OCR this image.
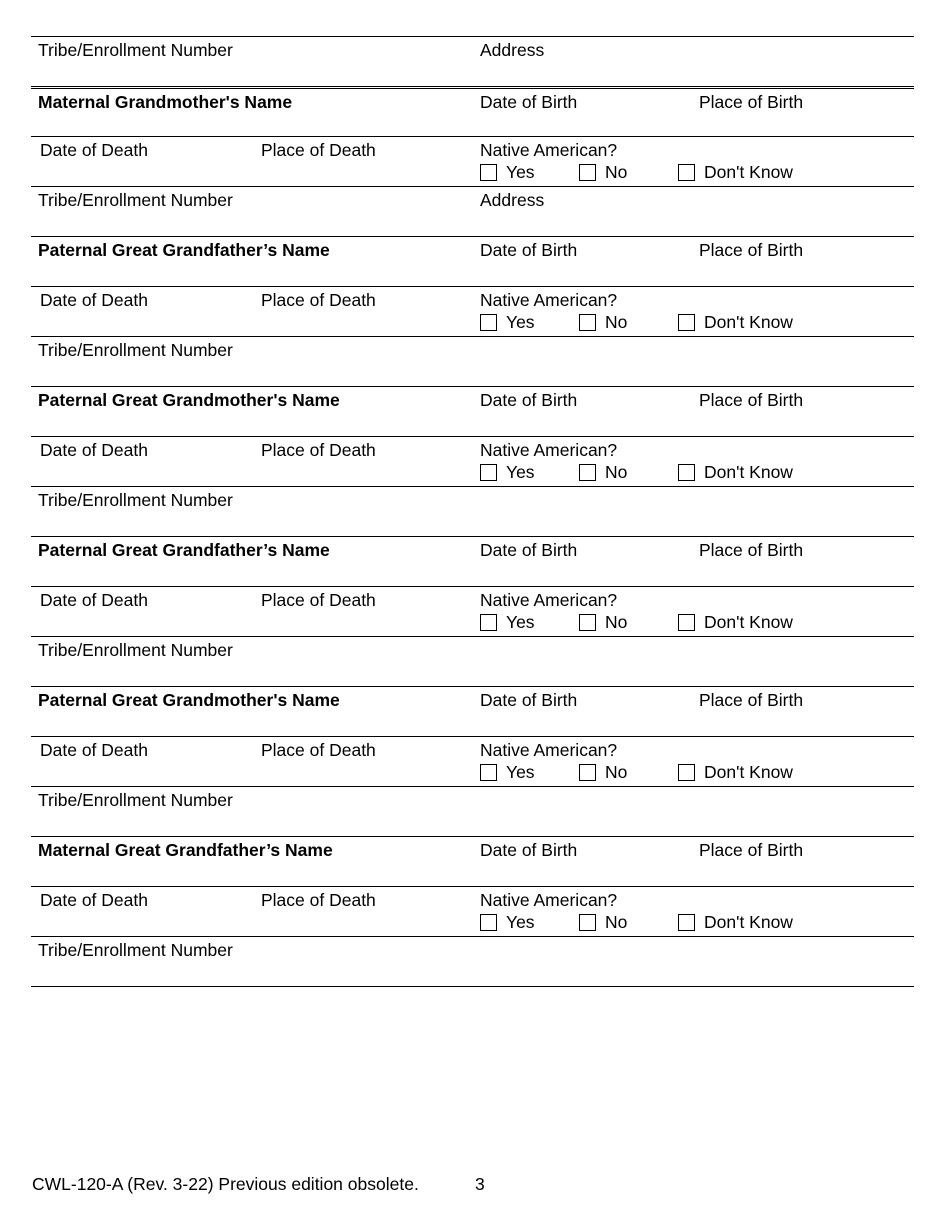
Tribe/Enrollment Number	Address
Maternal Grandmother's Name	Date of Birth	Place of Birth
Date of Death	Place of Death	Native American?
Yes	No	Don't Know
Tribe/Enrollment Number	Address
Paternal Great Grandfather’s Name	Date of Birth	Place of Birth
Date of Death	Place of Death	Native American?
Yes	No	Don't Know
Tribe/Enrollment Number
Paternal Great Grandmother's Name	Date of Birth	Place of Birth
Date of Death	Place of Death	Native American?
Yes	No	Don't Know
Tribe/Enrollment Number
Paternal Great Grandfather’s Name	Date of Birth	Place of Birth
Date of Death	Place of Death	Native American?
Yes	No	Don't Know
Tribe/Enrollment Number
Paternal Great Grandmother's Name	Date of Birth	Place of Birth
Date of Death	Place of Death	Native American?
Yes	No	Don't Know
Tribe/Enrollment Number
Maternal Great Grandfather’s Name	Date of Birth	Place of Birth
Date of Death	Place of Death	Native American?
Yes	No	Don't Know
Tribe/Enrollment Number
CWL-120-A (Rev. 3-22) Previous edition obsolete.	3
